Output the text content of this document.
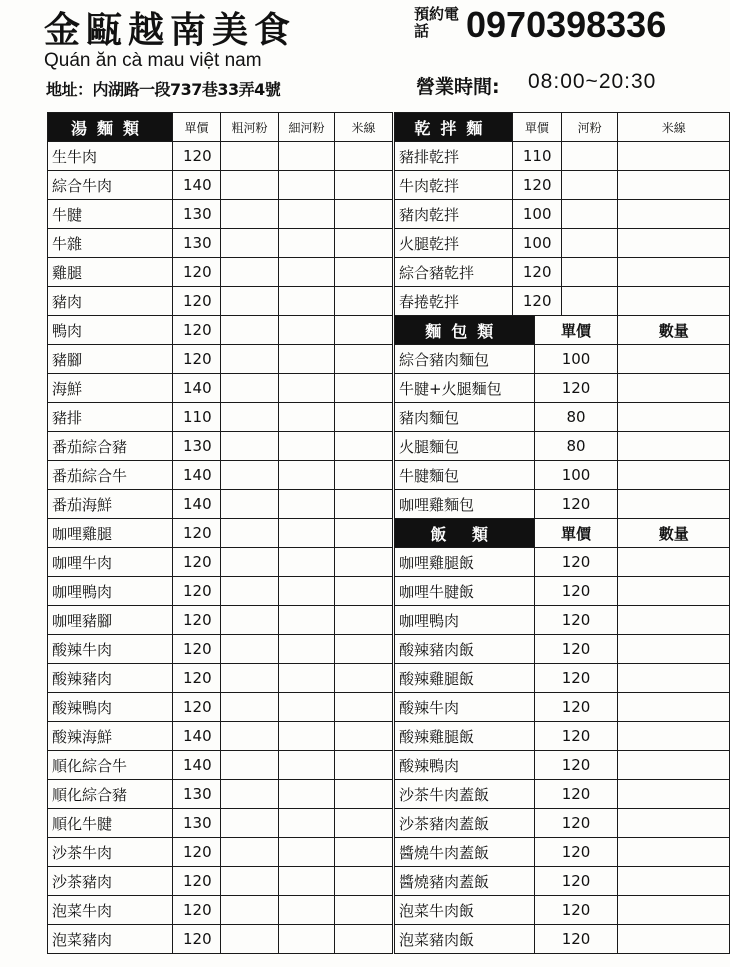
金甌越南美食
Quán ăn cà mau việt nam
地址：内湖路一段737巷33弄4號
預約電話	0970398336
營業時間: 08:00~20:30
湯麵類	單價	粗河粉	細河粉	米線
生牛肉	120			
綜合牛肉	140			
牛腱	130			
牛雜	130			
雞腿	120			
豬肉	120			
鴨肉	120			
豬腳	120			
海鮮	140			
豬排	110			
番茄綜合豬	130			
番茄綜合牛	140			
番茄海鮮	140			
咖哩雞腿	120			
咖哩牛肉	120			
咖哩鴨肉	120			
咖哩豬腳	120			
酸辣牛肉	120			
酸辣豬肉	120			
酸辣鴨肉	120			
酸辣海鮮	140			
順化綜合牛	140			
順化綜合豬	130			
順化牛腱	130			
沙茶牛肉	120			
沙茶豬肉	120			
泡菜牛肉	120			
泡菜豬肉	120			
乾拌麵	單價		河粉	米線
豬排乾拌	110			
牛肉乾拌	120			
豬肉乾拌	100			
火腿乾拌	100			
綜合豬乾拌	120			
春捲乾拌	120			
麵包類		單價		數量
綜合豬肉麵包		100		
牛腱+火腿麵包		120		
豬肉麵包		80		
火腿麵包		80		
牛腱麵包		100		
咖哩雞麵包		120		
飯 類		單價		數量
咖哩雞腿飯		120		
咖哩牛腱飯		120		
咖哩鴨肉		120		
酸辣豬肉飯		120		
酸辣雞腿飯		120		
酸辣牛肉		120		
酸辣雞腿飯		120		
酸辣鴨肉		120		
沙茶牛肉蓋飯		120		
沙茶豬肉蓋飯		120		
醬燒牛肉蓋飯		120		
醬燒豬肉蓋飯		120		
泡菜牛肉飯		120		
泡菜豬肉飯		120		
